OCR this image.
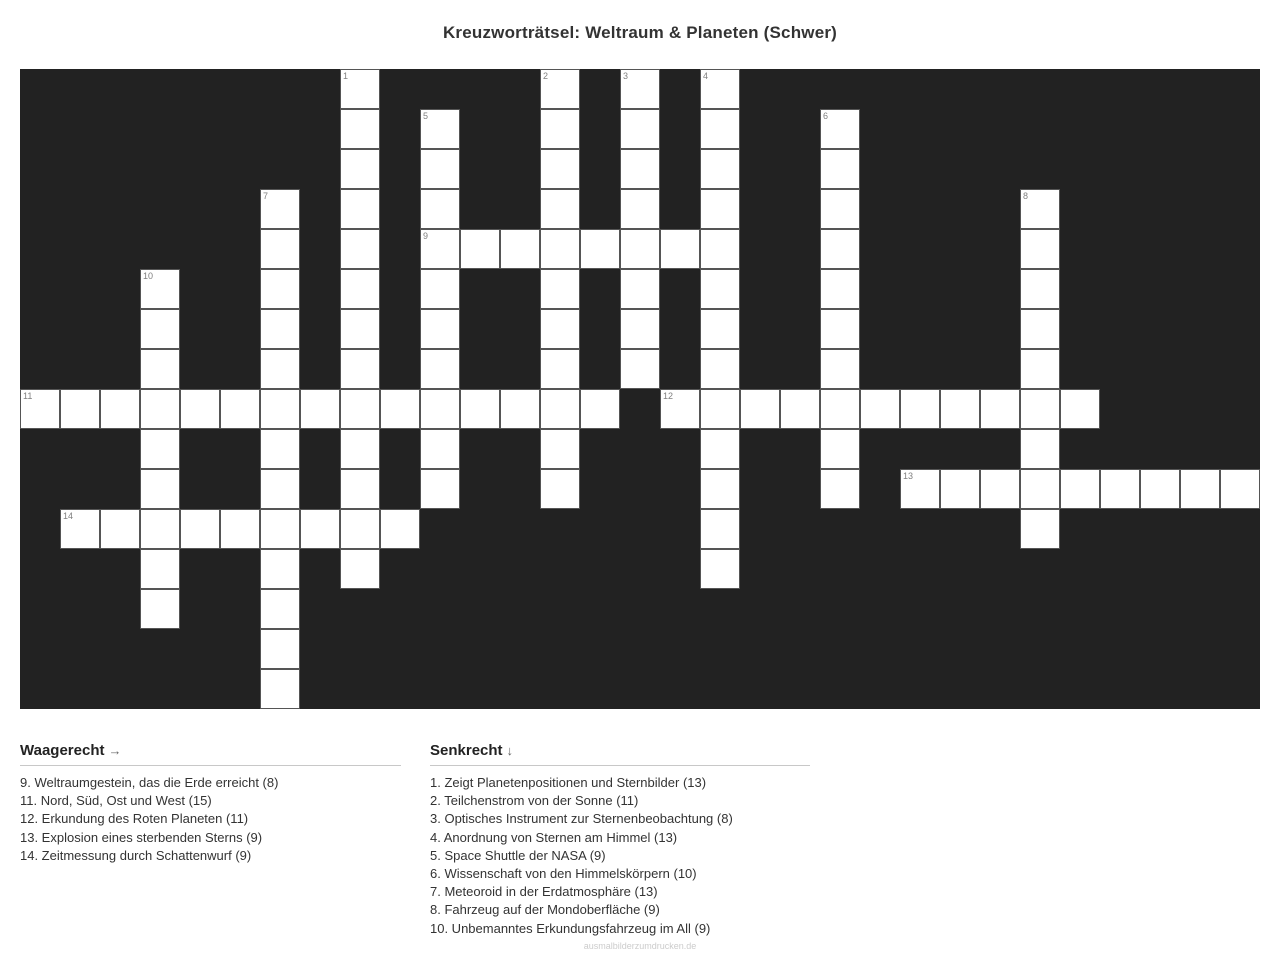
Kreuzworträtsel: Weltraum & Planeten (Schwer)
9
11	12
13
14
1	2	3	4
5	6
7	8
10
Waagerecht →
9. Weltraumgestein, das die Erde erreicht (8)
11. Nord, Süd, Ost und West (15)
12. Erkundung des Roten Planeten (11)
13. Explosion eines sterbenden Sterns (9)
14. Zeitmessung durch Schattenwurf (9)
Senkrecht ↓
1. Zeigt Planetenpositionen und Sternbilder (13)
2. Teilchenstrom von der Sonne (11)
3. Optisches Instrument zur Sternenbeobachtung (8)
4. Anordnung von Sternen am Himmel (13)
5. Space Shuttle der NASA (9)
6. Wissenschaft von den Himmelskörpern (10)
7. Meteoroid in der Erdatmosphäre (13)
8. Fahrzeug auf der Mondoberfläche (9)
10. Unbemanntes Erkundungsfahrzeug im All (9)
ausmalbilderzumdrucken.de
